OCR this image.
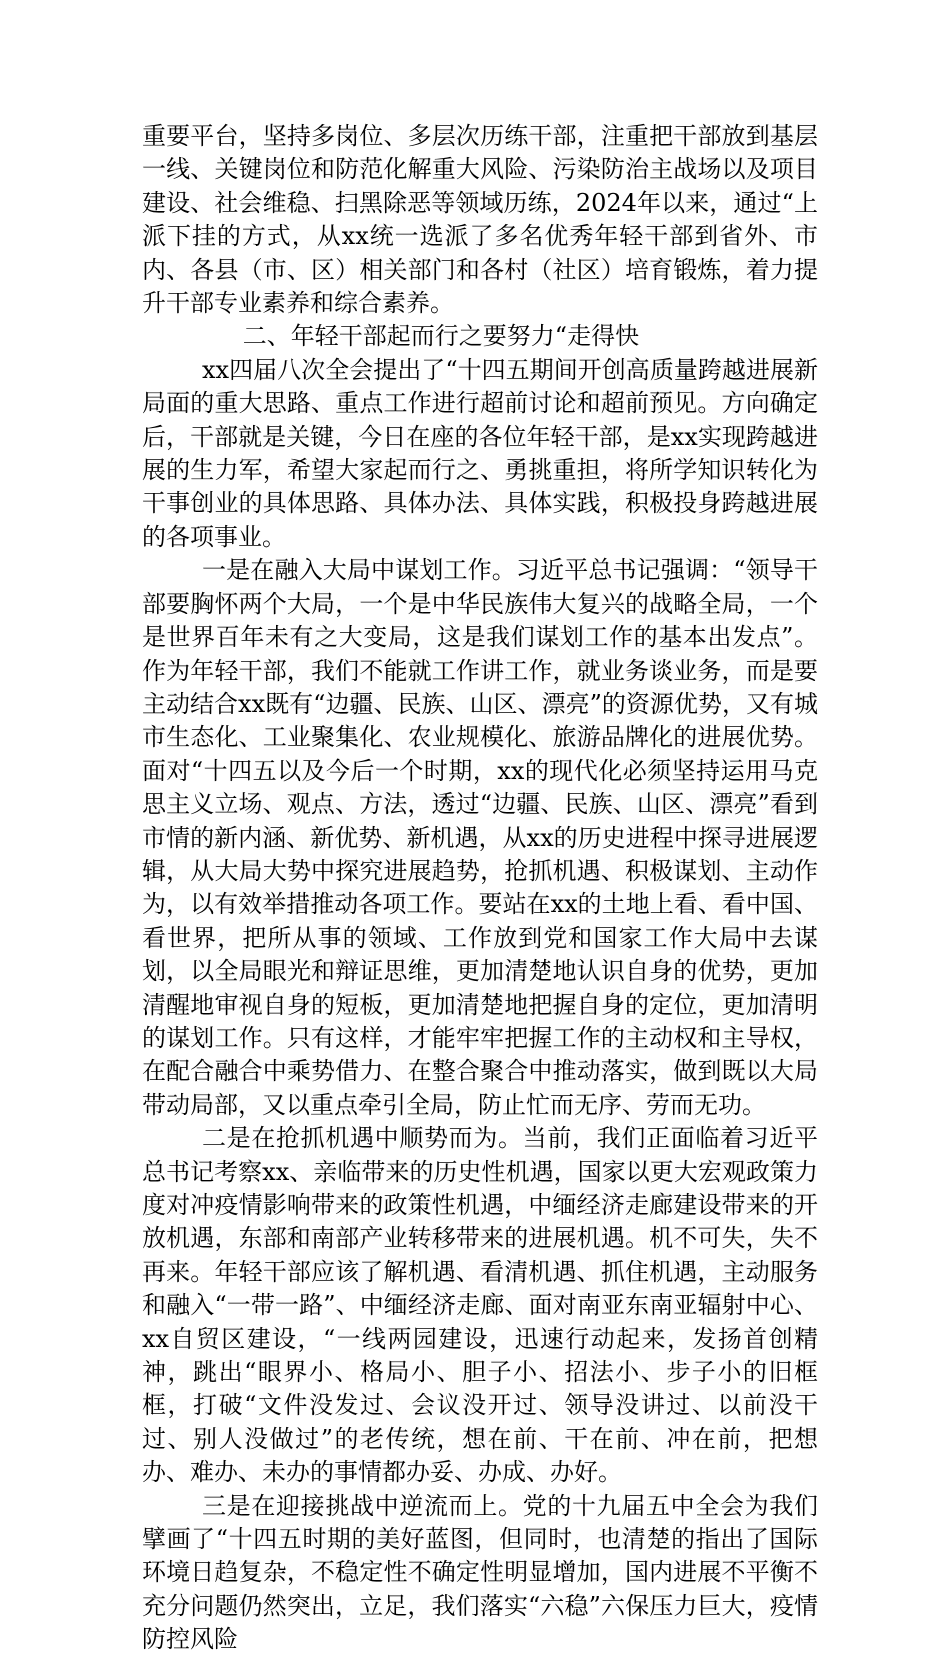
重要平台，坚持多岗位、多层次历练干部，注重把干部放到基层一线、关键岗位和防范化解重大风险、污染防治主战场以及项目建设、社会维稳、扫黑除恶等领域历练，2024年以来，通过“上派下挂的方式，从xx统一选派了多名优秀年轻干部到省外、市内、各县（市、区）相关部门和各村（社区）培育锻炼，着力提升干部专业素养和综合素养。

二、年轻干部起而行之要努力“走得快

xx四届八次全会提出了“十四五期间开创高质量跨越进展新局面的重大思路、重点工作进行超前讨论和超前预见。方向确定后，干部就是关键，今日在座的各位年轻干部，是xx实现跨越进展的生力军，希望大家起而行之、勇挑重担，将所学知识转化为干事创业的具体思路、具体办法、具体实践，积极投身跨越进展的各项事业。

一是在融入大局中谋划工作。习近平总书记强调：“领导干部要胸怀两个大局，一个是中华民族伟大复兴的战略全局，一个是世界百年未有之大变局，这是我们谋划工作的基本出发点”。作为年轻干部，我们不能就工作讲工作，就业务谈业务，而是要主动结合xx既有“边疆、民族、山区、漂亮”的资源优势，又有城市生态化、工业聚集化、农业规模化、旅游品牌化的进展优势。面对“十四五以及今后一个时期，xx的现代化必须坚持运用马克思主义立场、观点、方法，透过“边疆、民族、山区、漂亮”看到市情的新内涵、新优势、新机遇，从xx的历史进程中探寻进展逻辑，从大局大势中探究进展趋势，抢抓机遇、积极谋划、主动作为，以有效举措推动各项工作。要站在xx的土地上看、看中国、看世界，把所从事的领域、工作放到党和国家工作大局中去谋划，以全局眼光和辩证思维，更加清楚地认识自身的优势，更加清醒地审视自身的短板，更加清楚地把握自身的定位，更加清明的谋划工作。只有这样，才能牢牢把握工作的主动权和主导权，在配合融合中乘势借力、在整合聚合中推动落实，做到既以大局带动局部，又以重点牵引全局，防止忙而无序、劳而无功。

二是在抢抓机遇中顺势而为。当前，我们正面临着习近平总书记考察xx、亲临带来的历史性机遇，国家以更大宏观政策力度对冲疫情影响带来的政策性机遇，中缅经济走廊建设带来的开放机遇，东部和南部产业转移带来的进展机遇。机不可失，失不再来。年轻干部应该了解机遇、看清机遇、抓住机遇，主动服务和融入“一带一路”、中缅经济走廊、面对南亚东南亚辐射中心、xx自贸区建设，“一线两园建设，迅速行动起来，发扬首创精神，跳出“眼界小、格局小、胆子小、招法小、步子小的旧框框，打破“文件没发过、会议没开过、领导没讲过、以前没干过、别人没做过”的老传统，想在前、干在前、冲在前，把想办、难办、未办的事情都办妥、办成、办好。

三是在迎接挑战中逆流而上。党的十九届五中全会为我们擘画了“十四五时期的美好蓝图，但同时，也清楚的指出了国际环境日趋复杂，不稳定性不确定性明显增加，国内进展不平衡不充分问题仍然突出，立足，我们落实“六稳”六保压力巨大，疫情防控风险
